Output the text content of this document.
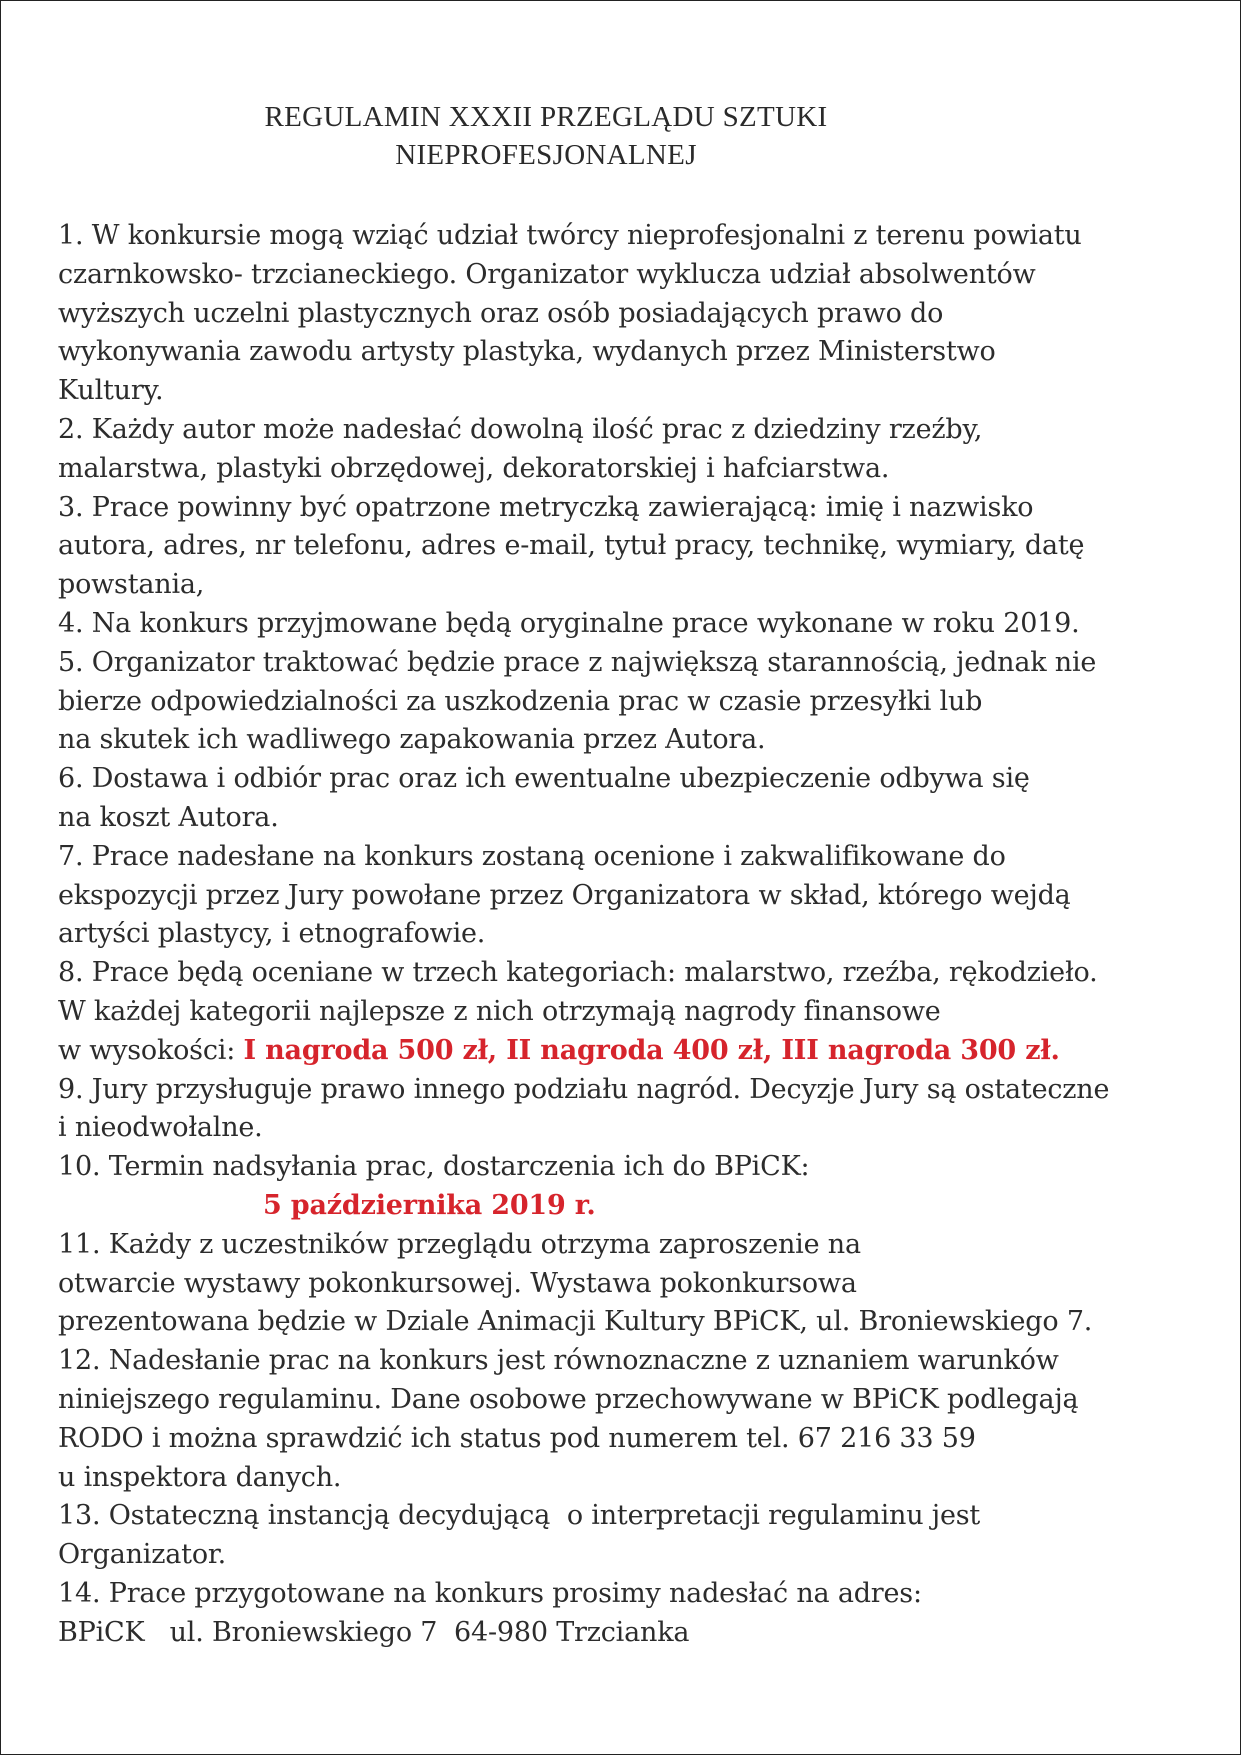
REGULAMIN XXXII PRZEGLĄDU SZTUKI
NIEPROFESJONALNEJ
1. W konkursie mogą wziąć udział twórcy nieprofesjonalni z terenu powiatu
czarnkowsko- trzcianeckiego. Organizator wyklucza udział absolwentów
wyższych uczelni plastycznych oraz osób posiadających prawo do
wykonywania zawodu artysty plastyka, wydanych przez Ministerstwo
Kultury.
2. Każdy autor może nadesłać dowolną ilość prac z dziedziny rzeźby,
malarstwa, plastyki obrzędowej, dekoratorskiej i hafciarstwa.
3. Prace powinny być opatrzone metryczką zawierającą: imię i nazwisko
autora, adres, nr telefonu, adres e-mail, tytuł pracy, technikę, wymiary, datę
powstania,
4. Na konkurs przyjmowane będą oryginalne prace wykonane w roku 2019.
5. Organizator traktować będzie prace z największą starannością, jednak nie
bierze odpowiedzialności za uszkodzenia prac w czasie przesyłki lub
na skutek ich wadliwego zapakowania przez Autora.
6. Dostawa i odbiór prac oraz ich ewentualne ubezpieczenie odbywa się
na koszt Autora.
7. Prace nadesłane na konkurs zostaną ocenione i zakwalifikowane do
ekspozycji przez Jury powołane przez Organizatora w skład, którego wejdą
artyści plastycy, i etnografowie.
8. Prace będą oceniane w trzech kategoriach: malarstwo, rzeźba, rękodzieło.
W każdej kategorii najlepsze z nich otrzymają nagrody finansowe
w wysokości: I nagroda 500 zł, II nagroda 400 zł, III nagroda 300 zł.
9. Jury przysługuje prawo innego podziału nagród. Decyzje Jury są ostateczne
i nieodwołalne.
10. Termin nadsyłania prac, dostarczenia ich do BPiCK:
5 października 2019 r.
11. Każdy z uczestników przeglądu otrzyma zaproszenie na
otwarcie wystawy pokonkursowej. Wystawa pokonkursowa
prezentowana będzie w Dziale Animacji Kultury BPiCK, ul. Broniewskiego 7.
12. Nadesłanie prac na konkurs jest równoznaczne z uznaniem warunków
niniejszego regulaminu. Dane osobowe przechowywane w BPiCK podlegają
RODO i można sprawdzić ich status pod numerem tel. 67 216 33 59
u inspektora danych.
13. Ostateczną instancją decydującą  o interpretacji regulaminu jest
Organizator.
14. Prace przygotowane na konkurs prosimy nadesłać na adres:
BPiCK   ul. Broniewskiego 7  64-980 Trzcianka
